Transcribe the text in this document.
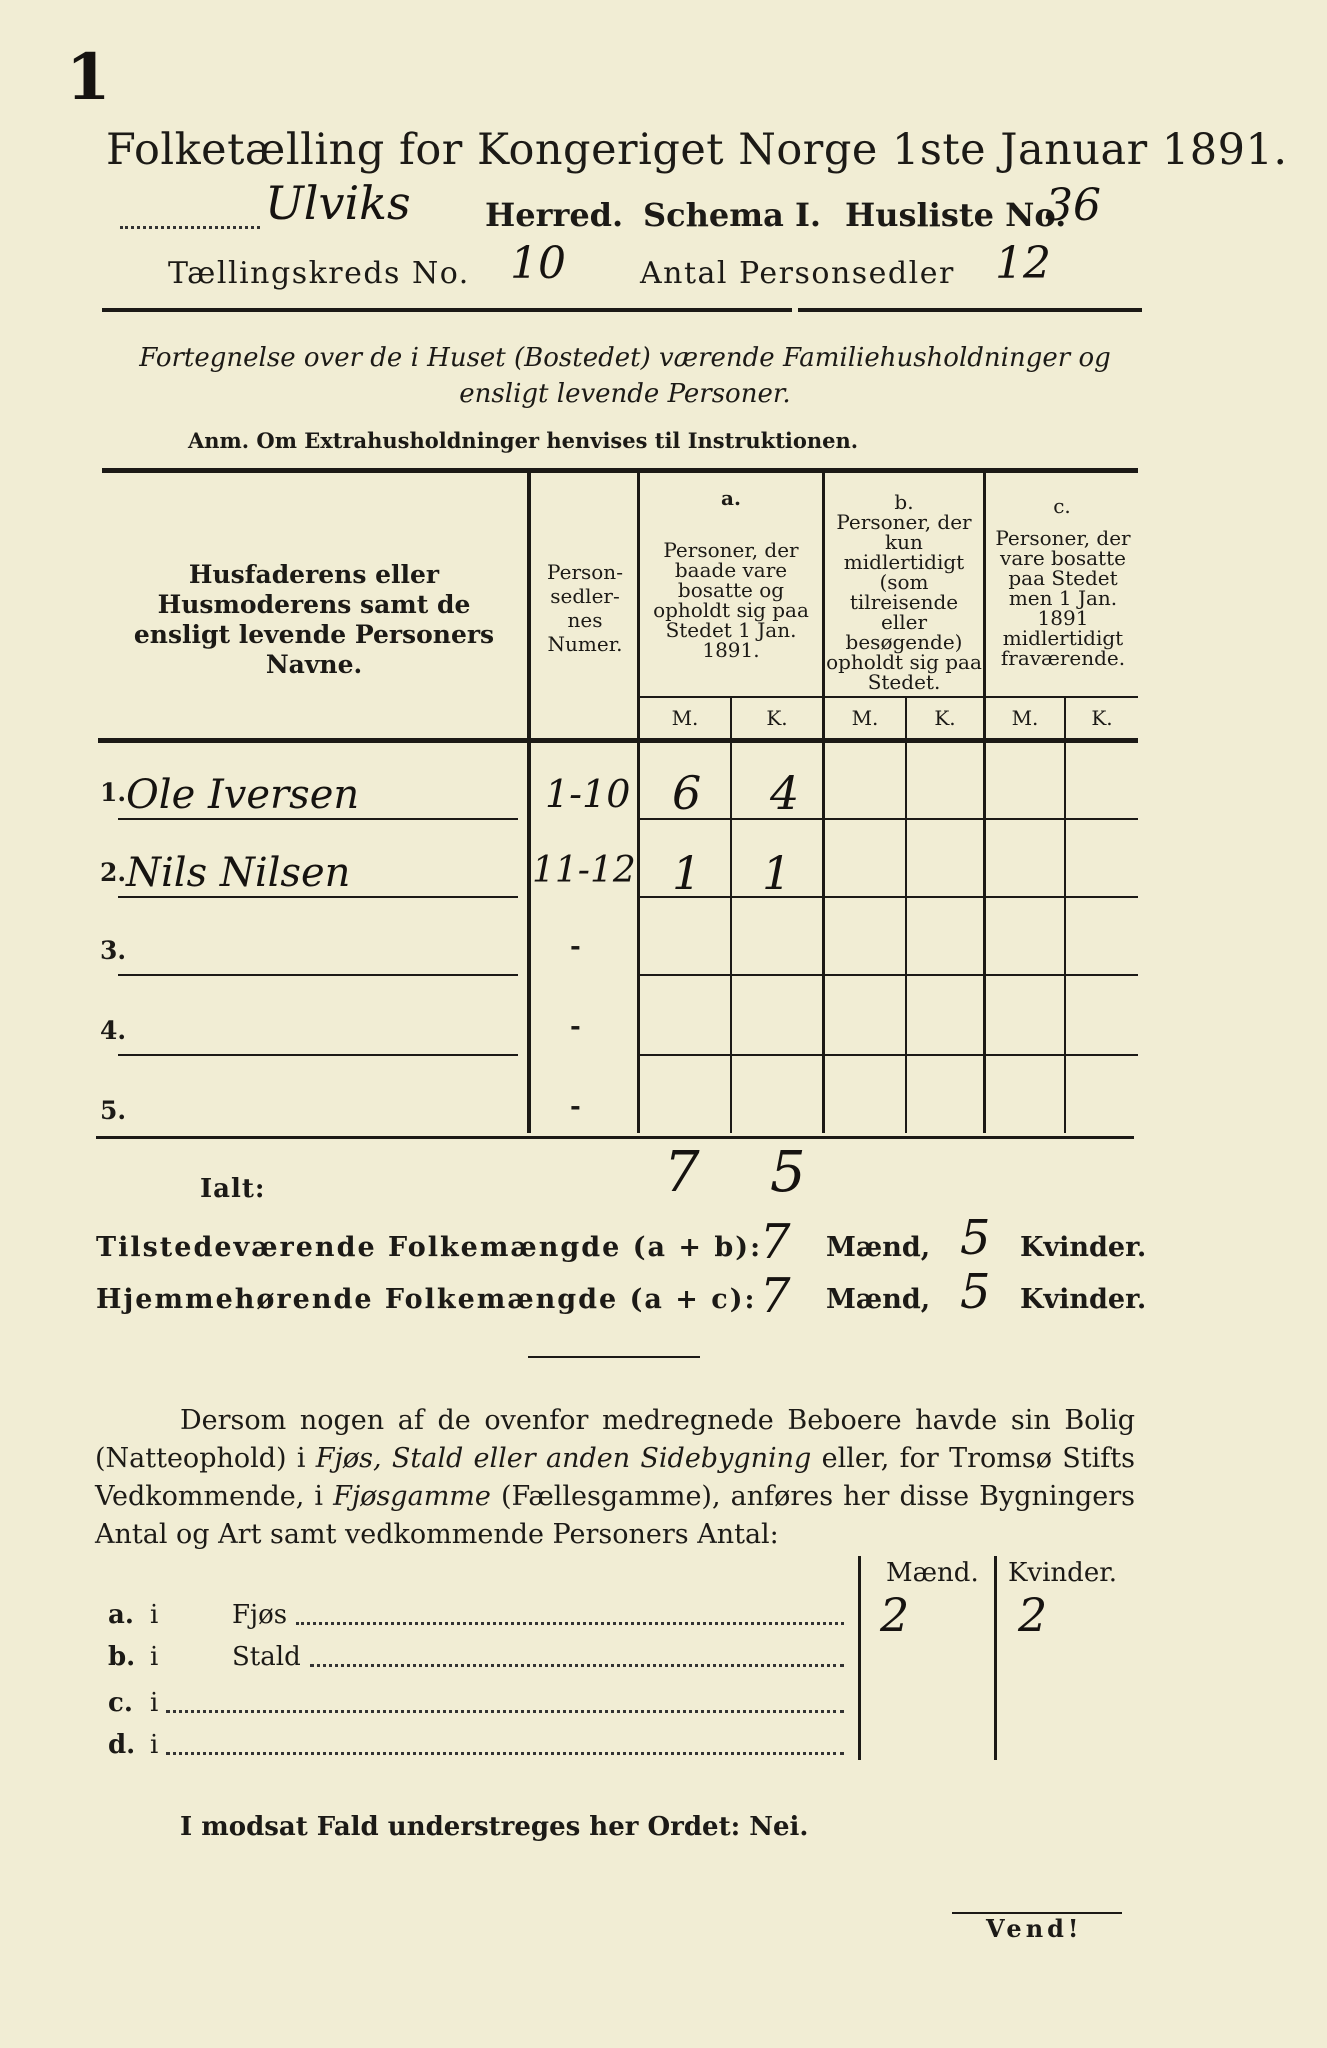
1
Folketælling for Kongeriget Norge 1ste Januar 1891.
Ulviks Herred. Schema I. Husliste No.
36
Tællingskreds No. 10 Antal Personsedler 12
Fortegnelse over de i Huset (Bostedet) værende Familiehusholdninger og ensligt levende Personer.
Anm. Om Extrahusholdninger henvises til Instruktionen.
Husfaderens eller Husmoderens samt de ensligt levende Personers Navne.
Person-sedler-nes Numer.
a.
Personer, der baade vare bosatte og opholdt sig paa Stedet 1 Jan. 1891.
b.
Personer, der kun midlertidigt (som tilreisende eller besøgende) opholdt sig paa Stedet.
c.
Personer, der vare bosatte paa Stedet men 1 Jan. 1891 midlertidigt fraværende.
M.	K.	M.	K.	M.	K.
1. Ole Iversen	1-10 6 4
2. Nils Nilsen	11-12 1 1
3.	-
4.	-
5.	-
Ialt:	7 5
Tilstedeværende Folkemængde (a + b):
7 Mænd, 5 Kvinder.
Hjemmehørende Folkemængde (a + c): 7 Mænd, 5 Kvinder.
Dersom nogen af de ovenfor medregnede Beboere havde sin Bolig (Natteophold) i Fjøs, Stald eller anden Sidebygning eller, for Tromsø Stifts Vedkommende, i Fjøsgamme (Fællesgamme), anføres her disse Bygningers Antal og Art samt vedkommende Personers Antal:
Mænd. Kvinder.
a. i	Fjøs	2 2
b. i	Stald
c. i
d. i
I modsat Fald understreges her Ordet: Nei.
Vend!
